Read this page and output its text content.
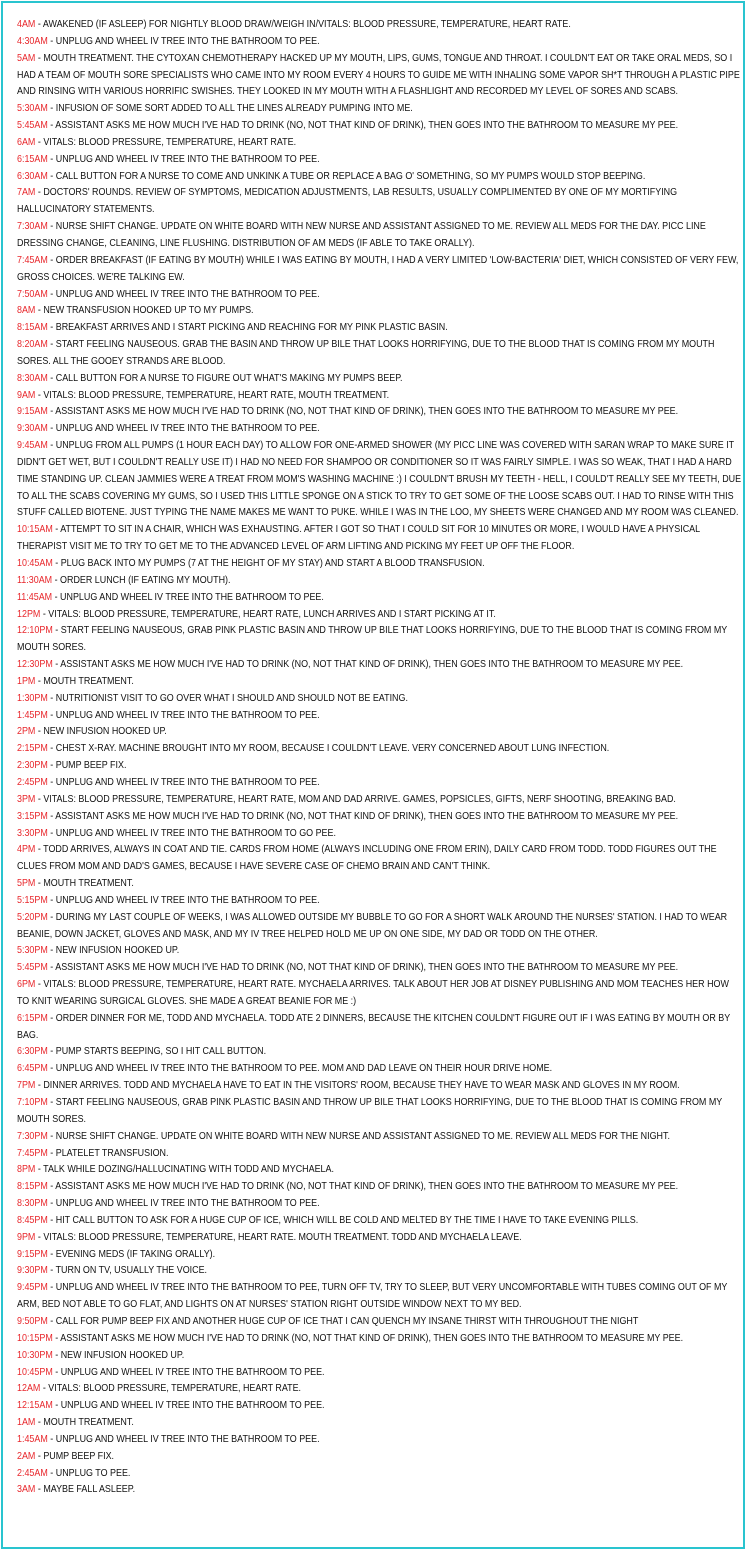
4AM - AWAKENED (IF ASLEEP) FOR NIGHTLY BLOOD DRAW/WEIGH IN/VITALS: BLOOD PRESSURE, TEMPERATURE, HEART RATE.

4:30AM - UNPLUG AND WHEEL IV TREE INTO THE BATHROOM TO PEE.

5AM - MOUTH TREATMENT. THE CYTOXAN CHEMOTHERAPY HACKED UP MY MOUTH, LIPS, GUMS, TONGUE AND THROAT. I COULDN'T EAT OR TAKE ORAL MEDS, SO I HAD A TEAM OF MOUTH SORE SPECIALISTS WHO CAME INTO MY ROOM EVERY 4 HOURS TO GUIDE ME WITH INHALING SOME VAPOR SH*T THROUGH A PLASTIC PIPE AND RINSING WITH VARIOUS HORRIFIC SWISHES. THEY LOOKED IN MY MOUTH WITH A FLASHLIGHT AND RECORDED MY LEVEL OF SORES AND SCABS.

5:30AM - INFUSION OF SOME SORT ADDED TO ALL THE LINES ALREADY PUMPING INTO ME.

5:45AM - ASSISTANT ASKS ME HOW MUCH I'VE HAD TO DRINK (NO, NOT THAT KIND OF DRINK), THEN GOES INTO THE BATHROOM TO MEASURE MY PEE.

6AM - VITALS: BLOOD PRESSURE, TEMPERATURE, HEART RATE.

6:15AM - UNPLUG AND WHEEL IV TREE INTO THE BATHROOM TO PEE.

6:30AM - CALL BUTTON FOR A NURSE TO COME AND UNKINK A TUBE OR REPLACE A BAG O' SOMETHING, SO MY PUMPS WOULD STOP BEEPING.

7AM - DOCTORS' ROUNDS. REVIEW OF SYMPTOMS, MEDICATION ADJUSTMENTS, LAB RESULTS, USUALLY COMPLIMENTED BY ONE OF MY MORTIFYING HALLUCINATORY STATEMENTS.

7:30AM - NURSE SHIFT CHANGE. UPDATE ON WHITE BOARD WITH NEW NURSE AND ASSISTANT ASSIGNED TO ME. REVIEW ALL MEDS FOR THE DAY. PICC LINE DRESSING CHANGE, CLEANING, LINE FLUSHING. DISTRIBUTION OF AM MEDS (IF ABLE TO TAKE ORALLY).

7:45AM - ORDER BREAKFAST (IF EATING BY MOUTH) WHILE I WAS EATING BY MOUTH, I HAD A VERY LIMITED 'LOW-BACTERIA' DIET, WHICH CONSISTED OF VERY FEW, GROSS CHOICES. WE'RE TALKING EW.

7:50AM - UNPLUG AND WHEEL IV TREE INTO THE BATHROOM TO PEE.

8AM - NEW TRANSFUSION HOOKED UP TO MY PUMPS.

8:15AM - BREAKFAST ARRIVES AND I START PICKING AND REACHING FOR MY PINK PLASTIC BASIN.

8:20AM - START FEELING NAUSEOUS. GRAB THE BASIN AND THROW UP BILE THAT LOOKS HORRIFYING, DUE TO THE BLOOD THAT IS COMING FROM MY MOUTH SORES. ALL THE GOOEY STRANDS ARE BLOOD.

8:30AM - CALL BUTTON FOR A NURSE TO FIGURE OUT WHAT'S MAKING MY PUMPS BEEP.

9AM - VITALS: BLOOD PRESSURE, TEMPERATURE, HEART RATE, MOUTH TREATMENT.

9:15AM - ASSISTANT ASKS ME HOW MUCH I'VE HAD TO DRINK (NO, NOT THAT KIND OF DRINK), THEN GOES INTO THE BATHROOM TO MEASURE MY PEE.

9:30AM - UNPLUG AND WHEEL IV TREE INTO THE BATHROOM TO PEE.

9:45AM - UNPLUG FROM ALL PUMPS (1 HOUR EACH DAY) TO ALLOW FOR ONE-ARMED SHOWER (MY PICC LINE WAS COVERED WITH SARAN WRAP TO MAKE SURE IT DIDN'T GET WET, BUT I COULDN'T REALLY USE IT) I HAD NO NEED FOR SHAMPOO OR CONDITIONER SO IT WAS FAIRLY SIMPLE. I WAS SO WEAK, THAT I HAD A HARD TIME STANDING UP. CLEAN JAMMIES WERE A TREAT FROM MOM'S WASHING MACHINE :) I COULDN'T BRUSH MY TEETH - HELL, I COULD'T REALLY SEE MY TEETH, DUE TO ALL THE SCABS COVERING MY GUMS, SO I USED THIS LITTLE SPONGE ON A STICK TO TRY TO GET SOME OF THE LOOSE SCABS OUT. I HAD TO RINSE WITH THIS STUFF CALLED BIOTENE. JUST TYPING THE NAME MAKES ME WANT TO PUKE. WHILE I WAS IN THE LOO, MY SHEETS WERE CHANGED AND MY ROOM WAS CLEANED.

10:15AM - ATTEMPT TO SIT IN A CHAIR, WHICH WAS EXHAUSTING. AFTER I GOT SO THAT I COULD SIT FOR 10 MINUTES OR MORE, I WOULD HAVE A PHYSICAL THERAPIST VISIT ME TO TRY TO GET ME TO THE ADVANCED LEVEL OF ARM LIFTING AND PICKING MY FEET UP OFF THE FLOOR.

10:45AM - PLUG BACK INTO MY PUMPS (7 AT THE HEIGHT OF MY STAY) AND START A BLOOD TRANSFUSION.

11:30AM - ORDER LUNCH (IF EATING MY MOUTH).

11:45AM - UNPLUG AND WHEEL IV TREE INTO THE BATHROOM TO PEE.

12PM - VITALS: BLOOD PRESSURE, TEMPERATURE, HEART RATE, LUNCH ARRIVES AND I START PICKING AT IT.

12:10PM - START FEELING NAUSEOUS, GRAB PINK PLASTIC BASIN AND THROW UP BILE THAT LOOKS HORRIFYING, DUE TO THE BLOOD THAT IS COMING FROM MY MOUTH SORES.

12:30PM - ASSISTANT ASKS ME HOW MUCH I'VE HAD TO DRINK (NO, NOT THAT KIND OF DRINK), THEN GOES INTO THE BATHROOM TO MEASURE MY PEE.

1PM - MOUTH TREATMENT.

1:30PM - NUTRITIONIST VISIT TO GO OVER WHAT I SHOULD AND SHOULD NOT BE EATING.

1:45PM - UNPLUG AND WHEEL IV TREE INTO THE BATHROOM TO PEE.

2PM - NEW INFUSION HOOKED UP.

2:15PM - CHEST X-RAY. MACHINE BROUGHT INTO MY ROOM, BECAUSE I COULDN'T LEAVE. VERY CONCERNED ABOUT LUNG INFECTION.

2:30PM - PUMP BEEP FIX.

2:45PM - UNPLUG AND WHEEL IV TREE INTO THE BATHROOM TO PEE.

3PM - VITALS: BLOOD PRESSURE, TEMPERATURE, HEART RATE, MOM AND DAD ARRIVE. GAMES, POPSICLES, GIFTS, NERF SHOOTING, BREAKING BAD.

3:15PM - ASSISTANT ASKS ME HOW MUCH I'VE HAD TO DRINK (NO, NOT THAT KIND OF DRINK), THEN GOES INTO THE BATHROOM TO MEASURE MY PEE.

3:30PM - UNPLUG AND WHEEL IV TREE INTO THE BATHROOM TO GO PEE.

4PM - TODD ARRIVES, ALWAYS IN COAT AND TIE. CARDS FROM HOME (ALWAYS INCLUDING ONE FROM ERIN), DAILY CARD FROM TODD. TODD FIGURES OUT THE CLUES FROM MOM AND DAD'S GAMES, BECAUSE I HAVE SEVERE CASE OF CHEMO BRAIN AND CAN'T THINK.

5PM - MOUTH TREATMENT.

5:15PM - UNPLUG AND WHEEL IV TREE INTO THE BATHROOM TO PEE.

5:20PM - DURING MY LAST COUPLE OF WEEKS, I WAS ALLOWED OUTSIDE MY BUBBLE TO GO FOR A SHORT WALK AROUND THE NURSES' STATION. I HAD TO WEAR BEANIE, DOWN JACKET, GLOVES AND MASK, AND MY IV TREE HELPED HOLD ME UP ON ONE SIDE, MY DAD OR TODD ON THE OTHER.

5:30PM - NEW INFUSION HOOKED UP.

5:45PM - ASSISTANT ASKS ME HOW MUCH I'VE HAD TO DRINK (NO, NOT THAT KIND OF DRINK), THEN GOES INTO THE BATHROOM TO MEASURE MY PEE.

6PM - VITALS: BLOOD PRESSURE, TEMPERATURE, HEART RATE. MYCHAELA ARRIVES. TALK ABOUT HER JOB AT DISNEY PUBLISHING AND MOM TEACHES HER HOW TO KNIT WEARING SURGICAL GLOVES. SHE MADE A GREAT BEANIE FOR ME :)

6:15PM - ORDER DINNER FOR ME, TODD AND MYCHAELA. TODD ATE 2 DINNERS, BECAUSE THE KITCHEN COULDN'T FIGURE OUT IF I WAS EATING BY MOUTH OR BY BAG.

6:30PM - PUMP STARTS BEEPING, SO I HIT CALL BUTTON.

6:45PM - UNPLUG AND WHEEL IV TREE INTO THE BATHROOM TO PEE. MOM AND DAD LEAVE ON THEIR HOUR DRIVE HOME.

7PM - DINNER ARRIVES. TODD AND MYCHAELA HAVE TO EAT IN THE VISITORS' ROOM, BECAUSE THEY HAVE TO WEAR MASK AND GLOVES IN MY ROOM.

7:10PM - START FEELING NAUSEOUS, GRAB PINK PLASTIC BASIN AND THROW UP BILE THAT LOOKS HORRIFYING, DUE TO THE BLOOD THAT IS COMING FROM MY MOUTH SORES.

7:30PM - NURSE SHIFT CHANGE. UPDATE ON WHITE BOARD WITH NEW NURSE AND ASSISTANT ASSIGNED TO ME. REVIEW ALL MEDS FOR THE NIGHT.

7:45PM - PLATELET TRANSFUSION.

8PM - TALK WHILE DOZING/HALLUCINATING WITH TODD AND MYCHAELA.

8:15PM - ASSISTANT ASKS ME HOW MUCH I'VE HAD TO DRINK (NO, NOT THAT KIND OF DRINK), THEN GOES INTO THE BATHROOM TO MEASURE MY PEE.

8:30PM - UNPLUG AND WHEEL IV TREE INTO THE BATHROOM TO PEE.

8:45PM - HIT CALL BUTTON TO ASK FOR A HUGE CUP OF ICE, WHICH WILL BE COLD AND MELTED BY THE TIME I HAVE TO TAKE EVENING PILLS.

9PM - VITALS: BLOOD PRESSURE, TEMPERATURE, HEART RATE. MOUTH TREATMENT. TODD AND MYCHAELA LEAVE.

9:15PM - EVENING MEDS (IF TAKING ORALLY).

9:30PM - TURN ON TV, USUALLY THE VOICE.

9:45PM - UNPLUG AND WHEEL IV TREE INTO THE BATHROOM TO PEE, TURN OFF TV, TRY TO SLEEP, BUT VERY UNCOMFORTABLE WITH TUBES COMING OUT OF MY ARM, BED NOT ABLE TO GO FLAT, AND LIGHTS ON AT NURSES' STATION RIGHT OUTSIDE WINDOW NEXT TO MY BED.

9:50PM - CALL FOR PUMP BEEP FIX AND ANOTHER HUGE CUP OF ICE THAT I CAN QUENCH MY INSANE THIRST WITH THROUGHOUT THE NIGHT

10:15PM - ASSISTANT ASKS ME HOW MUCH I'VE HAD TO DRINK (NO, NOT THAT KIND OF DRINK), THEN GOES INTO THE BATHROOM TO MEASURE MY PEE.

10:30PM - NEW INFUSION HOOKED UP.

10:45PM - UNPLUG AND WHEEL IV TREE INTO THE BATHROOM TO PEE.

12AM - VITALS: BLOOD PRESSURE, TEMPERATURE, HEART RATE.

12:15AM - UNPLUG AND WHEEL IV TREE INTO THE BATHROOM TO PEE.

1AM - MOUTH TREATMENT.

1:45AM - UNPLUG AND WHEEL IV TREE INTO THE BATHROOM TO PEE.

2AM - PUMP BEEP FIX.

2:45AM - UNPLUG TO PEE.

3AM - MAYBE FALL ASLEEP.
